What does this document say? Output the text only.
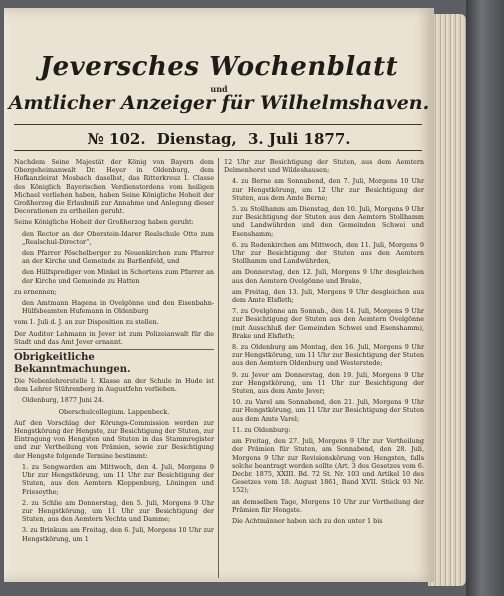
Jeversches Wochenblatt
und
Amtlicher Anzeiger für Wilhelmshaven.
№ 102. Dienstag, 3. Juli 1877.

Nachdem Seine Majestät der König von Bayern dem Obergeheimanwalt Dr. Heyer in Oldenburg, dem Hofkanzleirat Mosbach daselbst, das Ritterkreuz I. Classe des Königlich Bayerischen Verdienstordens vom heiligen Michael verliehen haben, haben Seine Königliche Hoheit der Großherzog die Erlaubniß zur Annahme und Anlegung dieser Decorationen zu ertheilen geruht.

Seine Königliche Hoheit der Großherzog haben geruht:

den Rector an der Oberstein-Idarer Realschule Otto zum „Realschul-Director“,

den Pfarrer Pöschelberger zu Neuenkirchen zum Pfarrer an der Kirche und Gemeinde zu Barßenfeld, und

den Hülfsprediger von Minkel in Schortens zum Pfarrer an der Kirche und Gemeinde zu Hatten

zu ernennen;

den Amtmann Hagena in Ovelgönne und den Eisenbahn-Hülfsbeamten Hufemann in Oldenburg

vom 1. Juli d. J. an zur Disposition zu stellen.

Der Auditor Lehmann in Jever ist zum Polizeianwalt für die Stadt und das Amt Jever ernannt.

Obrigkeitliche Bekanntmachungen.

Die Nebenlehrerstelle I. Klasse an der Schule in Hude ist dem Lehrer Stührenberg in Augustfehn verliehen.

Oldenburg, 1877 Juni 24.

Oberschulcollegium. Lappenbeck.

Auf den Vorschlag der Körungs-Commission werden zur Hengstkörung der Hengste, zur Besichtigung der Stuten, zur Eintragung von Hengsten und Stuten in das Stammregister und zur Vertheilung von Prämien, sowie zur Besichtigung der Hengste folgende Termine bestimmt:

1. zu Sengwarden am Mittwoch, den 4. Juli, Morgens 9 Uhr zur Hengstkörung, um 11 Uhr zur Besichtigung der Stuten, aus den Aemtern Kloppenburg, Löningen und Friesoythe;

2. zu Schlie am Donnerstag, den 5. Juli, Morgens 9 Uhr zur Hengstkörung, um 11 Uhr zur Besichtigung der Stuten, aus den Aemtern Vechta und Damme;

3. zu Brinkum am Freitag, den 6. Juli, Morgens 10 Uhr zur Hengstkörung, um 1

12 Uhr zur Besichtigung der Stuten, aus dem Aemtern Delmenhorst und Wildeshausen;

4. zu Berne am Sonnabend, den 7. Juli, Morgens 10 Uhr zur Hengstkörung, um 12 Uhr zur Besichtigung der Stuten, aus dem Amte Berne;

5. zu Stollhamm am Dienstag, den 10. Juli, Morgens 9 Uhr zur Besichtigung der Stuten aus den Aemtern Stollhamm und Landwührden und den Gemeinden Schwei und Esenshamm;

6. zu Rodenkirchen am Mittwoch, den 11. Juli, Morgens 9 Uhr zur Besichtigung der Stuten aus den Aemtern Stollhamm und Landwührden,

am Donnerstag, den 12. Juli, Morgens 9 Uhr desgleichen aus den Aemtern Ovelgönne und Brake,

am Freitag, den 13. Juli, Morgens 9 Uhr desgleichen aus dem Amte Elsfleth;

7. zu Ovelgönne am Sonnab., den 14. Juli, Morgens 9 Uhr zur Besichtigung der Stuten aus den Aemtern Ovelgönne (mit Ausschluß der Gemeinden Schwei und Esenshamm), Brake und Elsfleth;

8. zu Oldenburg am Montag, den 16. Juli, Morgens 9 Uhr zur Hengstkörung, um 11 Uhr zur Besichtigung der Stuten aus den Aemtern Oldenburg und Westerstede;

9. zu Jever am Donnerstag, den 19. Juli, Morgens 9 Uhr zur Hengstkörung, um 11 Uhr zur Besichtigung der Stuten, aus dem Amte Jever;

10. zu Varel am Sonnabend, den 21. Juli, Morgens 9 Uhr zur Hengstkörung, um 11 Uhr zur Besichtigung der Stuten aus dem Amte Varel;

11. zu Oldenburg:

am Freitag, den 27. Juli, Morgens 9 Uhr zur Vertheilung der Prämien für Stuten, am Sonnabend, den 28. Juli, Morgens 9 Uhr zur Revisionskörung von Hengsten, falls solche beantragt werden sollte (Art. 3 des Gesetzes vom 6. Decbr. 1875, XXIII. Bd. 72 St. Nr. 103 und Artikel 10 des Gesetzes vom 18. August 1861, Band XVII. Stück 93 Nr. 152);

an demselben Tage, Morgens 10 Uhr zur Vertheilung der Prämien für Hengste.

Die Achtmänner haben sich zu den unter 1 bis
